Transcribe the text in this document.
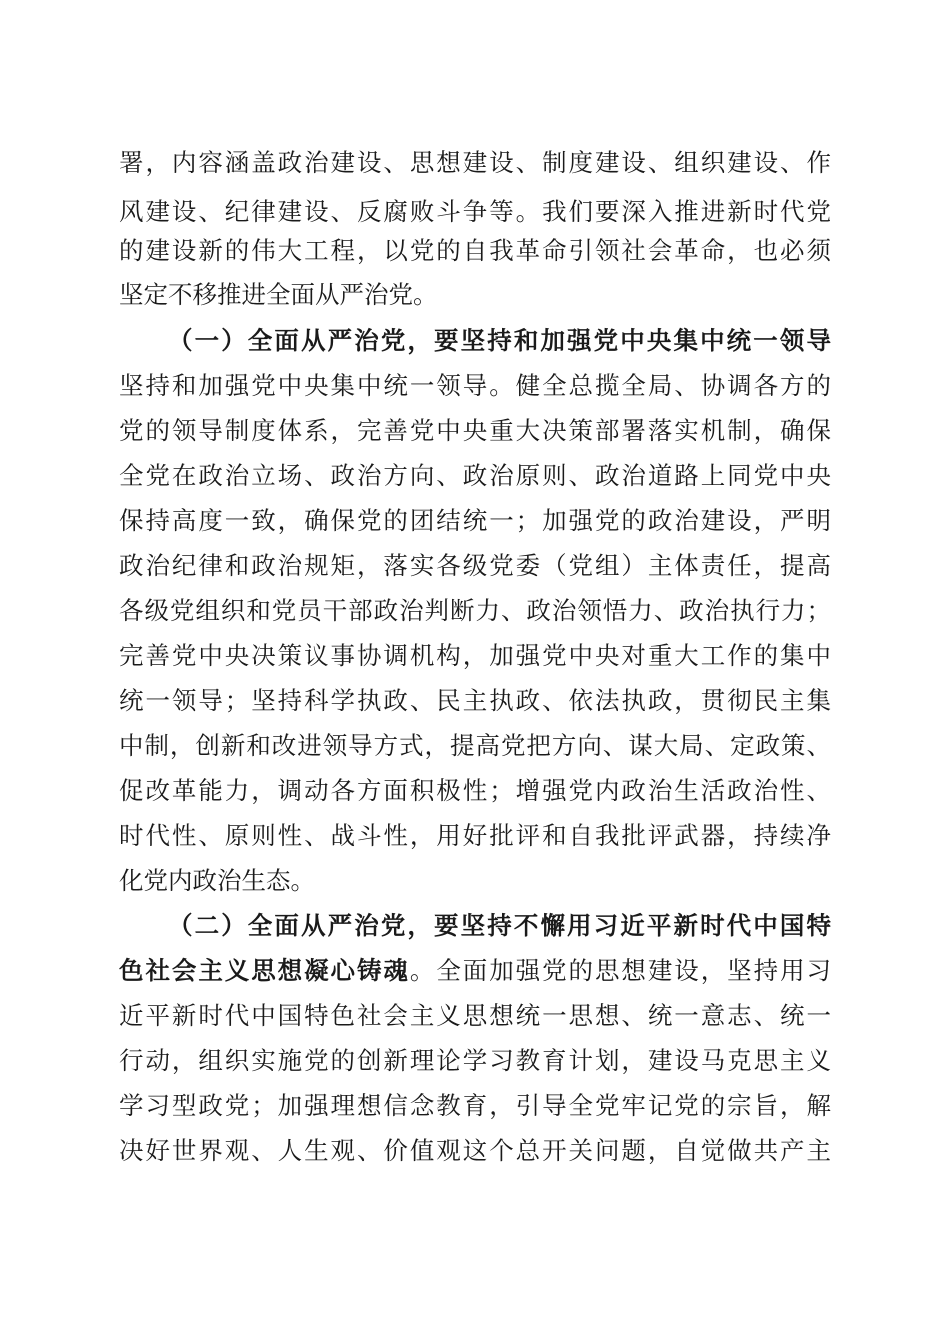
署，内容涵盖政治建设、思想建设、制度建设、组织建设、作
风建设、纪律建设、反腐败斗争等。我们要深入推进新时代党
的建设新的伟大工程，以党的自我革命引领社会革命，也必须
坚定不移推进全面从严治党。
（一）全面从严治党，要坚持和加强党中央集中统一领导
坚持和加强党中央集中统一领导。健全总揽全局、协调各方的
党的领导制度体系，完善党中央重大决策部署落实机制，确保
全党在政治立场、政治方向、政治原则、政治道路上同党中央
保持高度一致，确保党的团结统一；加强党的政治建设，严明
政治纪律和政治规矩，落实各级党委（党组）主体责任，提高
各级党组织和党员干部政治判断力、政治领悟力、政治执行力；
完善党中央决策议事协调机构，加强党中央对重大工作的集中
统一领导；坚持科学执政、民主执政、依法执政，贯彻民主集
中制，创新和改进领导方式，提高党把方向、谋大局、定政策、
促改革能力，调动各方面积极性；增强党内政治生活政治性、
时代性、原则性、战斗性，用好批评和自我批评武器，持续净
化党内政治生态。
（二）全面从严治党，要坚持不懈用习近平新时代中国特
色社会主义思想凝心铸魂。全面加强党的思想建设，坚持用习
近平新时代中国特色社会主义思想统一思想、统一意志、统一
行动，组织实施党的创新理论学习教育计划，建设马克思主义
学习型政党；加强理想信念教育，引导全党牢记党的宗旨，解
决好世界观、人生观、价值观这个总开关问题，自觉做共产主
